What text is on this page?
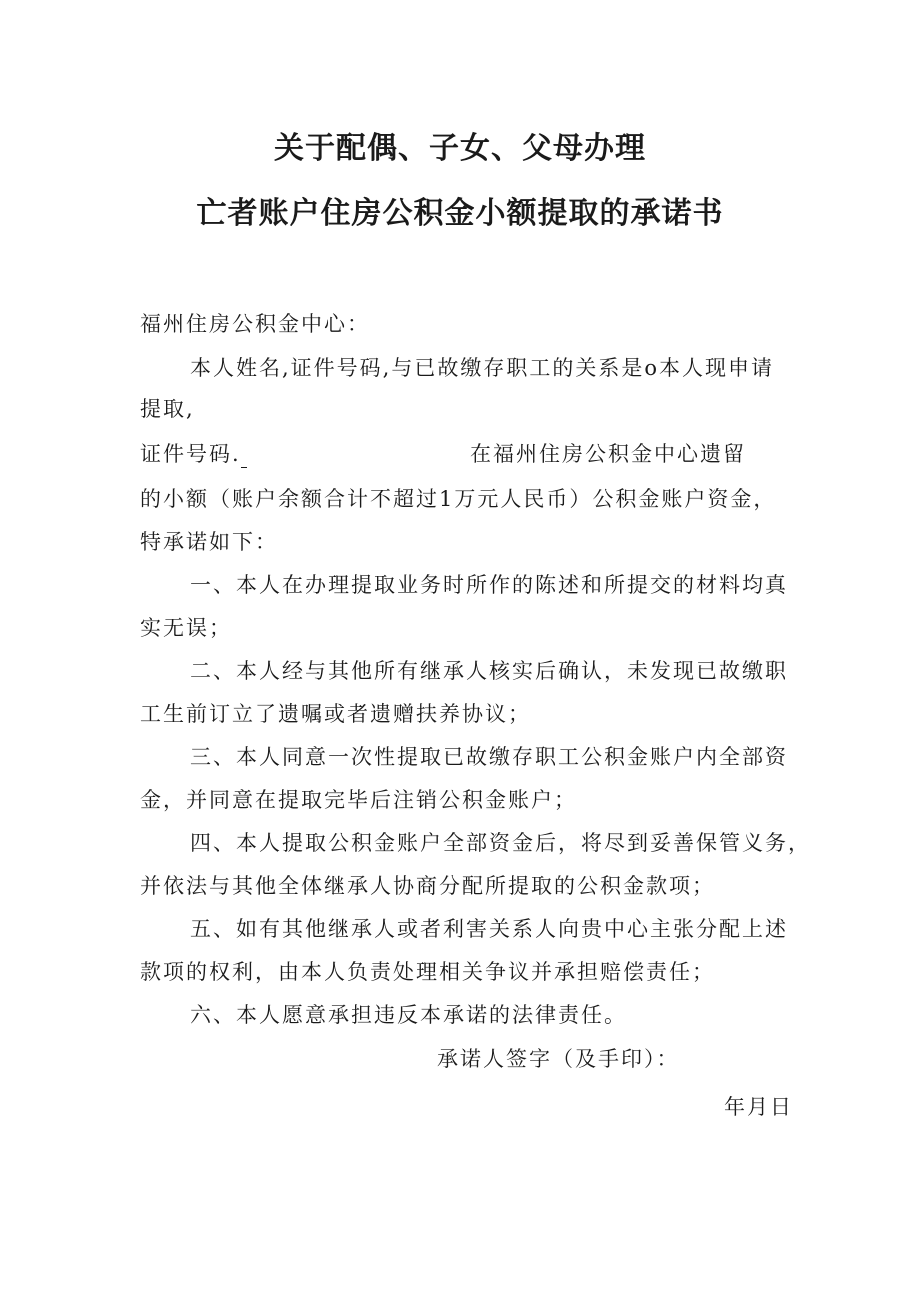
关于配偶、子女、父母办理
亡者账户住房公积金小额提取的承诺书
福州住房公积金中心：
本人姓名,证件号码,与已故缴存职工的关系是o本人现申请
提取,
证件号码.	在福州住房公积金中心遗留
的小额（账户余额合计不超过1万元人民币）公积金账户资金，
特承诺如下：
一、本人在办理提取业务时所作的陈述和所提交的材料均真
实无误；
二、本人经与其他所有继承人核实后确认，未发现已故缴职
工生前订立了遗嘱或者遗赠扶养协议；
三、本人同意一次性提取已故缴存职工公积金账户内全部资
金，并同意在提取完毕后注销公积金账户；
四、本人提取公积金账户全部资金后，将尽到妥善保管义务，
并依法与其他全体继承人协商分配所提取的公积金款项；
五、如有其他继承人或者利害关系人向贵中心主张分配上述
款项的权利，由本人负责处理相关争议并承担赔偿责任；
六、本人愿意承担违反本承诺的法律责任。
承诺人签字（及手印）：
年月日
